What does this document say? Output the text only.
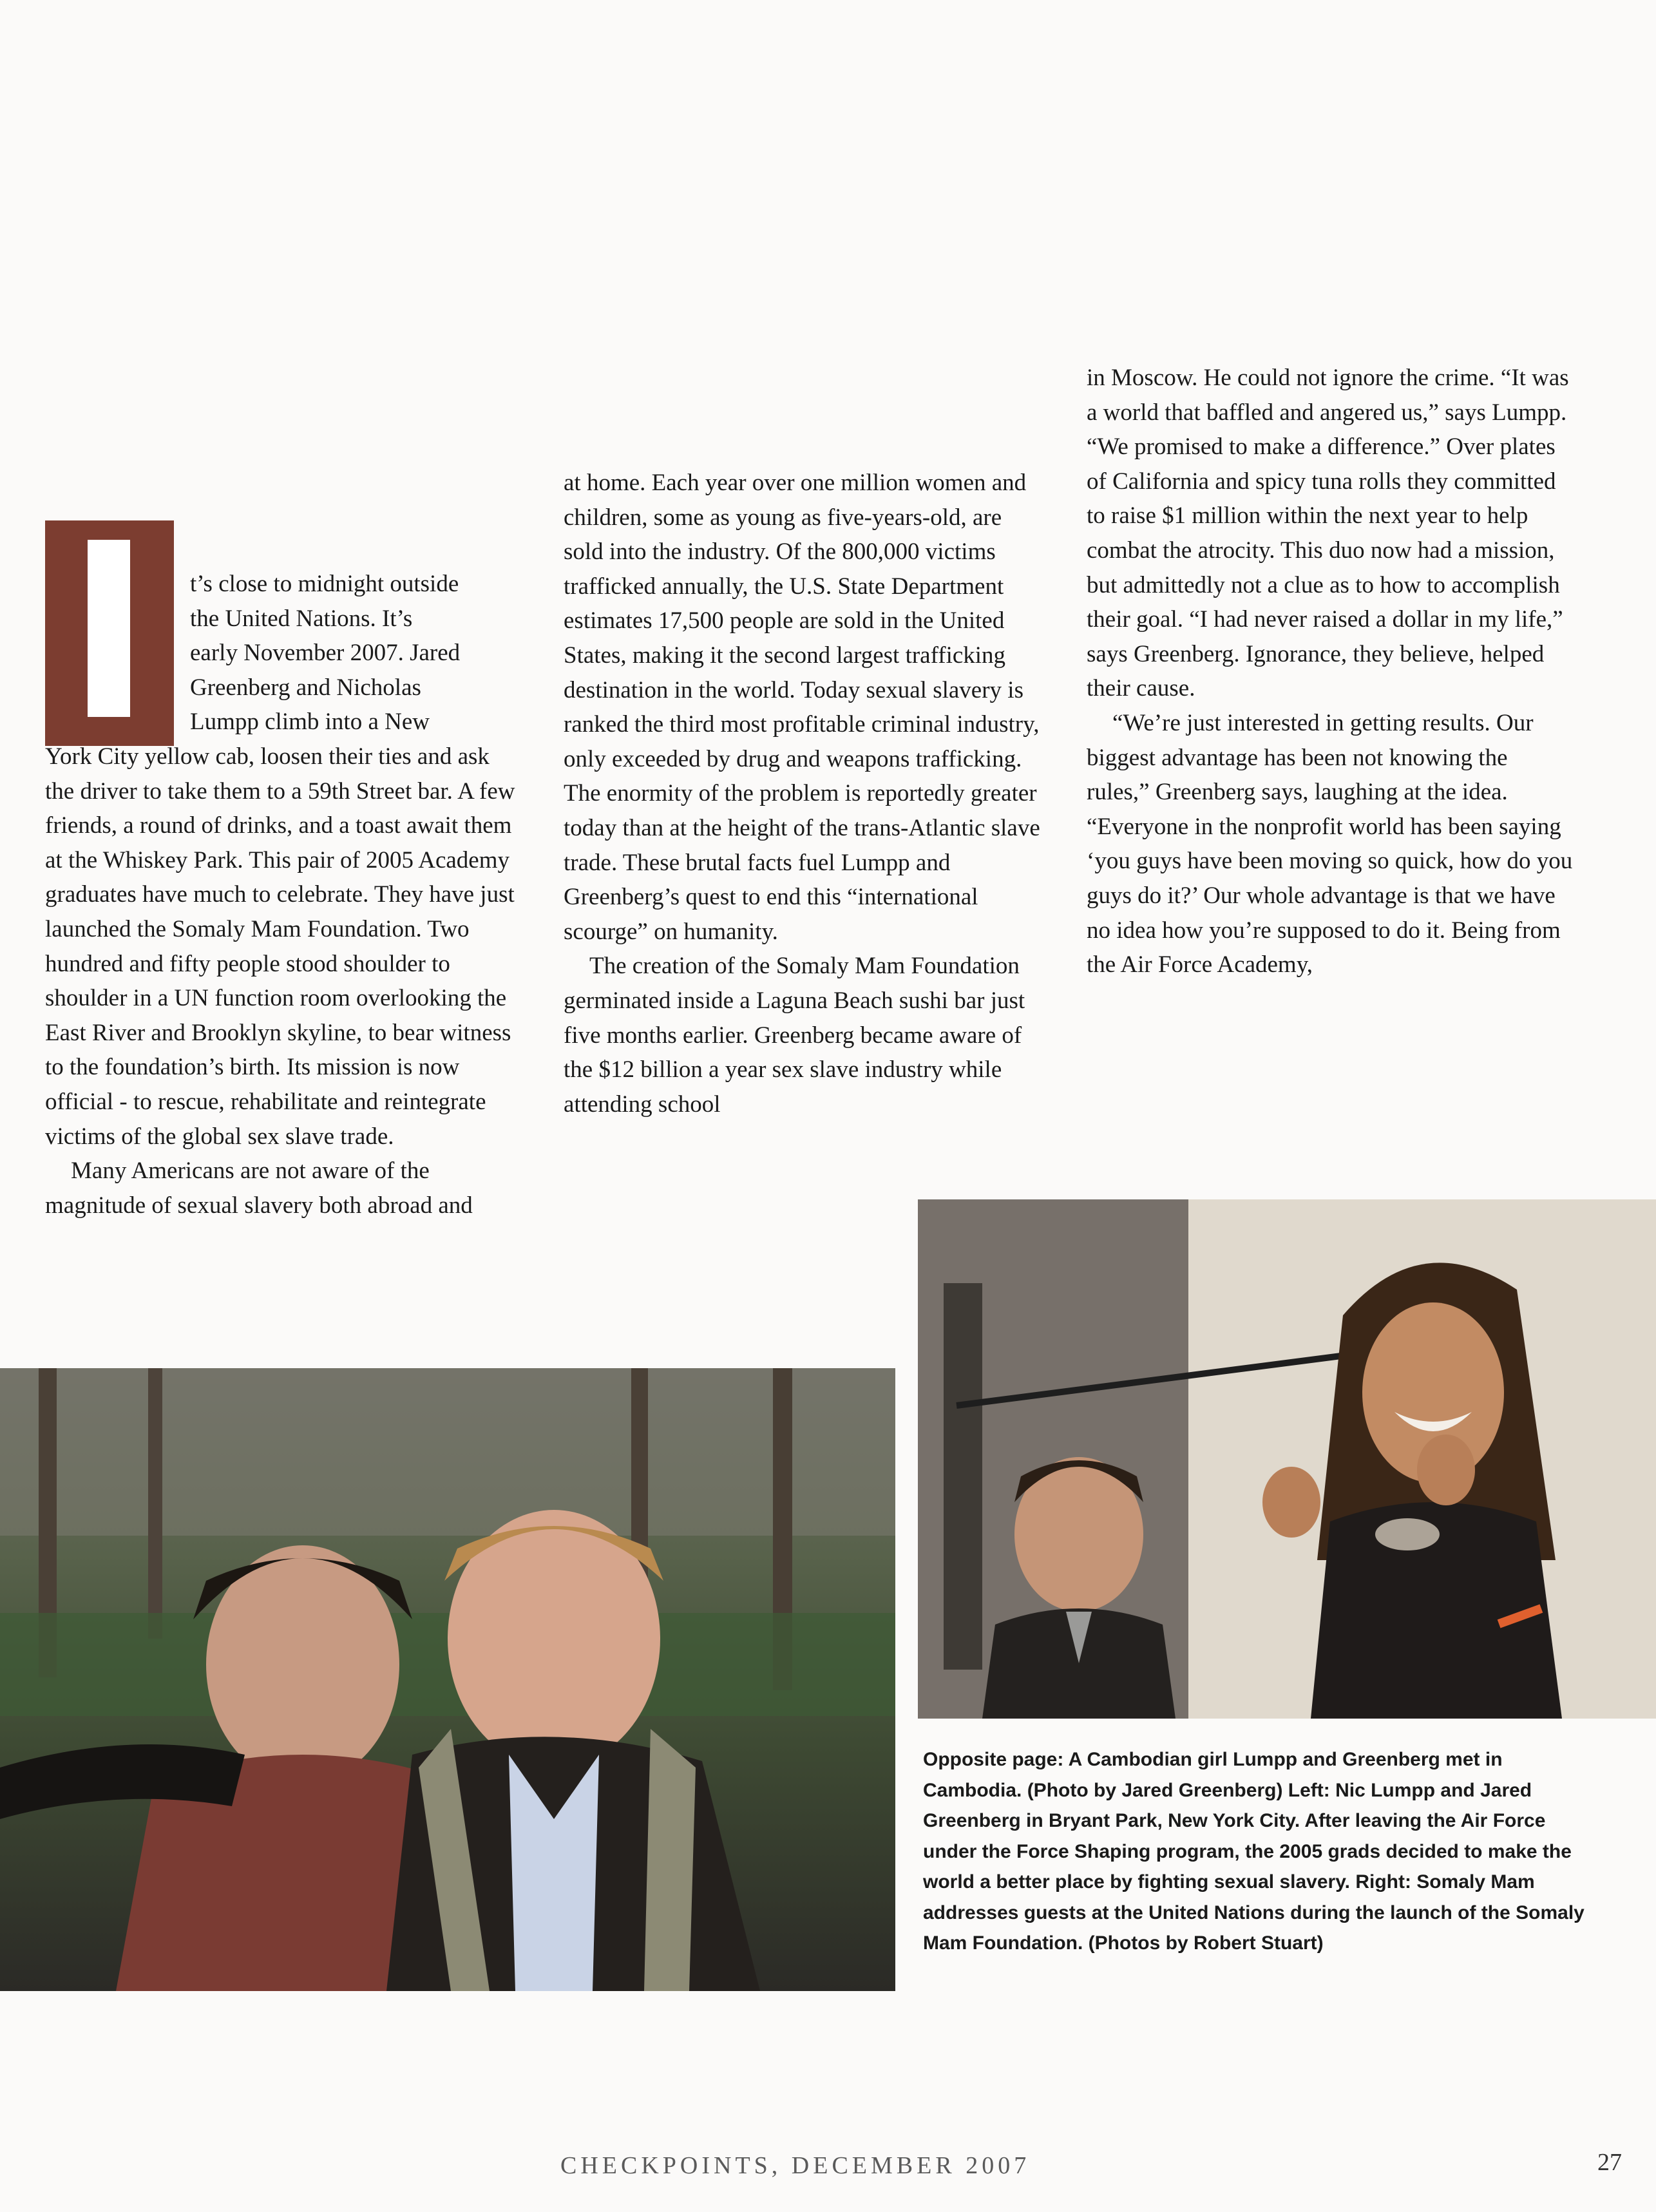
t’s close to midnight outside

the United Nations. It’s

early November 2007. Jared

Greenberg and Nicholas

Lumpp climb into a New

York City yellow cab, loosen their ties and ask the driver to take them to a 59th Street bar. A few friends, a round of drinks, and a toast await them at the Whiskey Park. This pair of 2005 Academy graduates have much to celebrate. They have just launched the Somaly Mam Foundation. Two hundred and fifty people stood shoulder to shoulder in a UN function room overlooking the East River and Brooklyn skyline, to bear witness to the foundation’s birth. Its mission is now official - to rescue, rehabilitate and reintegrate victims of the global sex slave trade.

Many Americans are not aware of the magnitude of sexual slavery both abroad and

at home. Each year over one million women and children, some as young as five-years-old, are sold into the industry. Of the 800,000 victims trafficked annually, the U.S. State Department estimates 17,500 people are sold in the United States, making it the second largest trafficking destination in the world. Today sexual slavery is ranked the third most profitable criminal industry, only exceeded by drug and weapons trafficking. The enormity of the problem is reportedly greater today than at the height of the trans-Atlantic slave trade. These brutal facts fuel Lumpp and Greenberg’s quest to end this “international scourge” on humanity.

The creation of the Somaly Mam Foundation germinated inside a Laguna Beach sushi bar just five months earlier. Greenberg became aware of the $12 billion a year sex slave industry while attending school

in Moscow. He could not ignore the crime. “It was a world that baffled and angered us,” says Lumpp. “We promised to make a difference.” Over plates of California and spicy tuna rolls they committed to raise $1 million within the next year to help combat the atrocity. This duo now had a mission, but admittedly not a clue as to how to accomplish their goal. “I had never raised a dollar in my life,” says Greenberg. Ignorance, they believe, helped their cause.

“We’re just interested in getting results. Our biggest advantage has been not knowing the rules,” Greenberg says, laughing at the idea. “Everyone in the nonprofit world has been saying ‘you guys have been moving so quick, how do you guys do it?’ Our whole advantage is that we have no idea how you’re supposed to do it. Being from the Air Force Academy,

Opposite page: A Cambodian girl Lumpp and Greenberg met in Cambodia. (Photo by Jared Greenberg) Left: Nic Lumpp and Jared Greenberg in Bryant Park, New York City. After leaving the Air Force under the Force Shaping program, the 2005 grads decided to make the world a better place by fighting sexual slavery. Right: Somaly Mam addresses guests at the United Nations during the launch of the Somaly Mam Foundation. (Photos by Robert Stuart)
CHECKPOINTS, DECEMBER 2007	27
